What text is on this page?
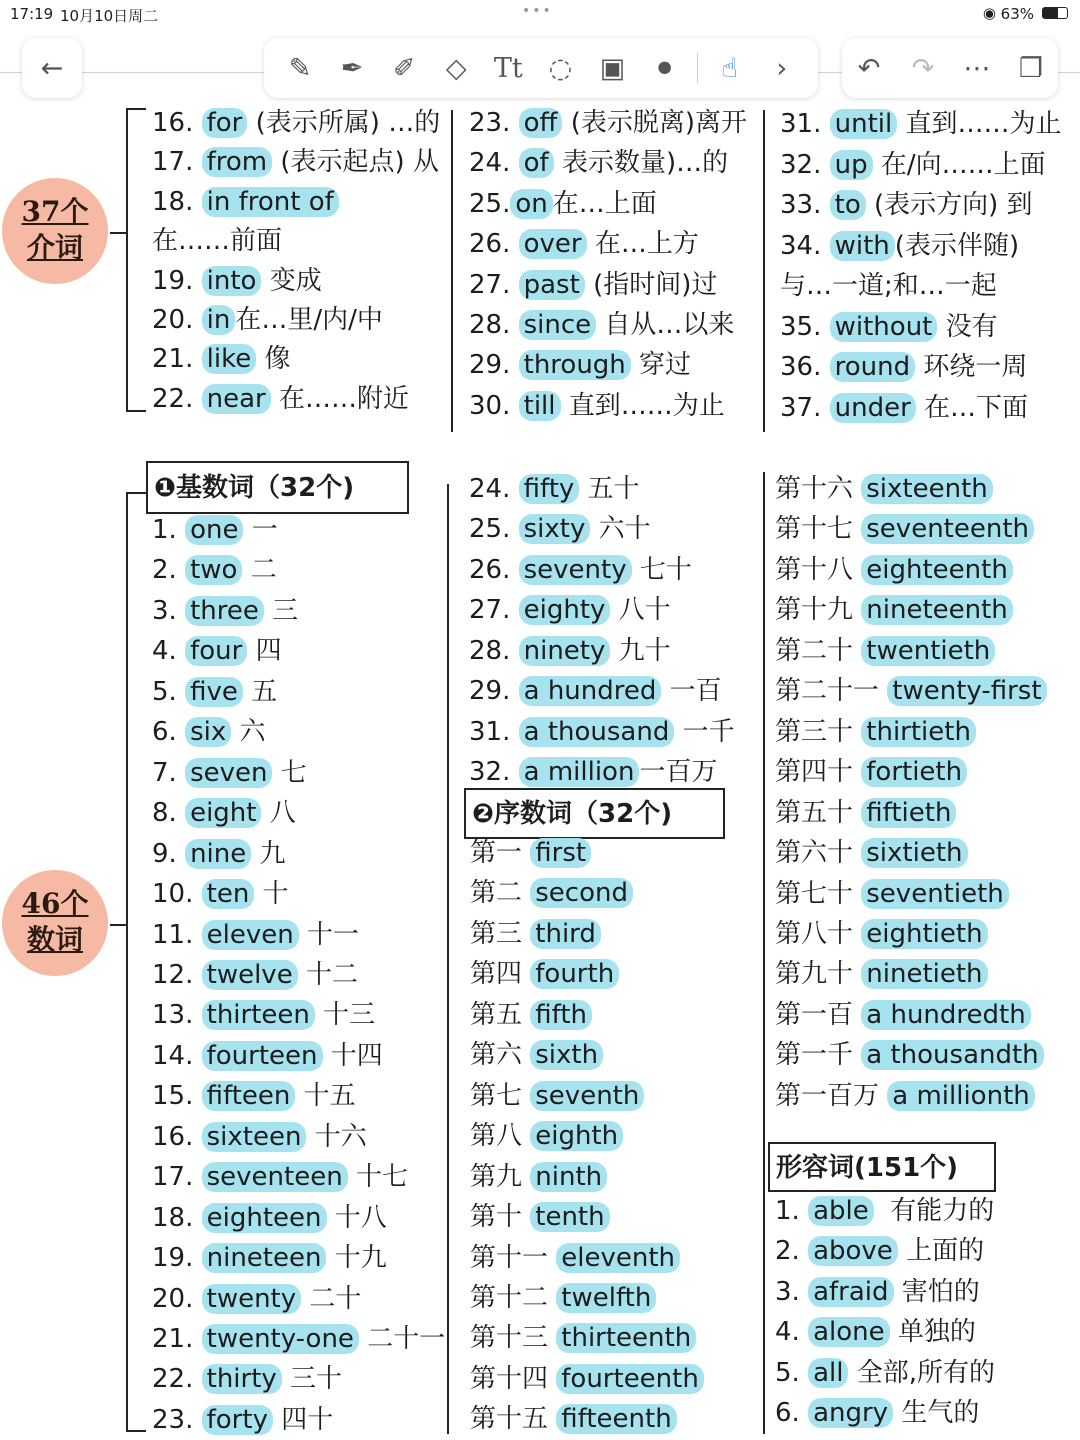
17:19 10月10日周二	•••	◉ 63%
←	✎	✒	✐	◇	Tt ◌	▣	⏺	☝	›	↶	↷	⋯ ❐
37个
介词
46个
数词
❶基数词（32个)
❷序数词（32个)
形容词(151个)
16. for (表示所属) …的
17. from (表示起点) 从
18. in front of
在……前面
19. into 变成
20. in 在…里/内/中
21. like 像
22. near 在……附近
23. off (表示脱离)离开
24. of 表示数量)…的
25. on 在…上面
26. over 在…上方
27. past (指时间)过
28. since 自从…以来
29. through 穿过
30. till 直到……为止
31. until 直到……为止
32. up 在/向……上面
33. to (表示方向) 到
34. with (表示伴随)
与…一道;和…一起
35. without 没有
36. round 环绕一周
37. under 在…下面
1. one 一
2. two 二
3. three 三
4. four 四
5. five 五
6. six 六
7. seven 七
8. eight 八
9. nine 九
10. ten 十
11. eleven 十一
12. twelve 十二
13. thirteen 十三
14. fourteen 十四
15. fifteen 十五
16. sixteen 十六
17. seventeen 十七
18. eighteen 十八
19. nineteen 十九
20. twenty 二十
21. twenty-one 二十一
22. thirty 三十
23. forty 四十
24. fifty 五十
25. sixty 六十
26. seventy 七十
27. eighty 八十
28. ninety 九十
29. a hundred 一百
31. a thousand 一千
32. a million 一百万
第一 first
第二 second
第三 third
第四 fourth
第五 fifth
第六 sixth
第七 seventh
第八 eighth
第九 ninth
第十 tenth
第十一 eleventh
第十二 twelfth
第十三 thirteenth
第十四 fourteenth
第十五 fifteenth
第十六 sixteenth
第十七 seventeenth
第十八 eighteenth
第十九 nineteenth
第二十 twentieth
第二十一 twenty-first
第三十 thirtieth
第四十 fortieth
第五十 fiftieth
第六十 sixtieth
第七十 seventieth
第八十 eightieth
第九十 ninetieth
第一百 a hundredth
第一千 a thousandth
第一百万 a millionth
1. able  有能力的
2. above 上面的
3. afraid 害怕的
4. alone 单独的
5. all 全部,所有的
6. angry 生气的
